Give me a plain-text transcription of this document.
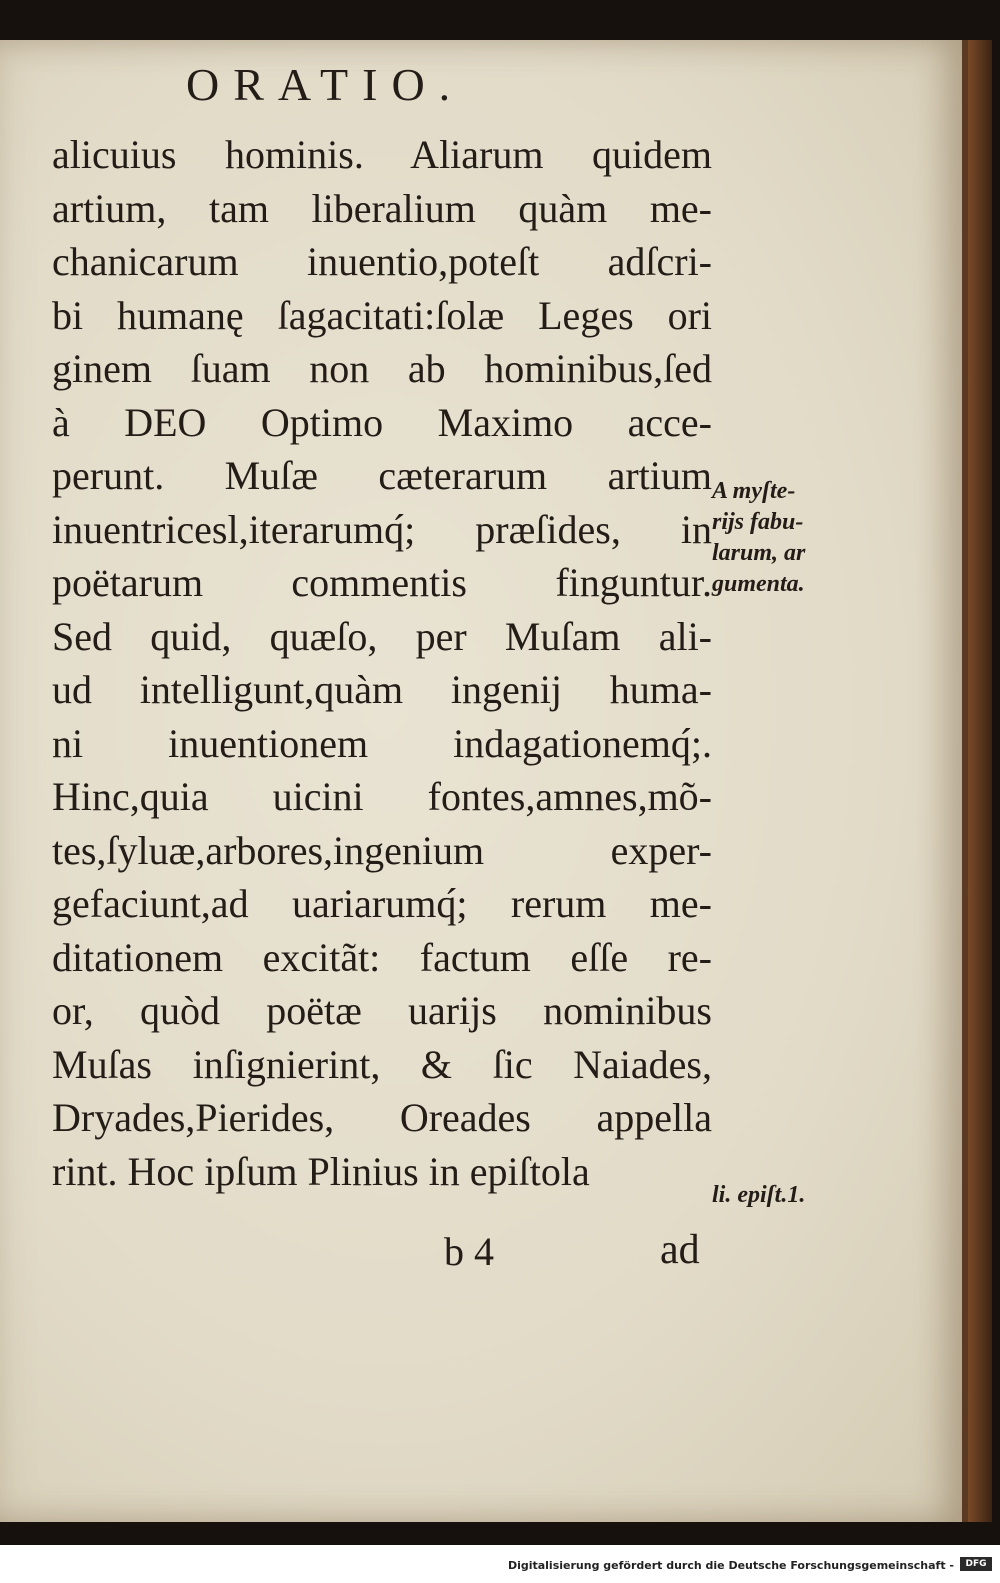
ORATIO.
alicuius hominis. Aliarum quidem
artium, tam liberalium quàm me-
chanicarum inuentio,poteſt adſcri-
bi humanę ſagacitati:ſolæ Leges ori
ginem ſuam non ab hominibus,ſed
à DEO Optimo Maximo acce-
perunt. Muſæ cæterarum artium
inuentricesl,iterarumq́; præſides, in
poëtarum commentis finguntur.
Sed quid, quæſo, per Muſam ali-
ud intelligunt,quàm ingenij huma-
ni inuentionem indagationemq́;.
Hinc,quia uicini fontes,amnes,mõ-
tes,ſyluæ,arbores,ingenium exper-
gefaciunt,ad uariarumq́; rerum me-
ditationem excitãt: factum eſſe re-
or, quòd poëtæ uarijs nominibus
Muſas inſignierint, & ſic Naiades,
Dryades,Pierides, Oreades appella
rint. Hoc ipſum Plinius in epiſtola
A myſte-
rijs fabu-
larum, ar
gumenta.
li. epiſt.1.
b 4	ad
Digitalisierung gefördert durch die Deutsche Forschungsgemeinschaft -	DFG
